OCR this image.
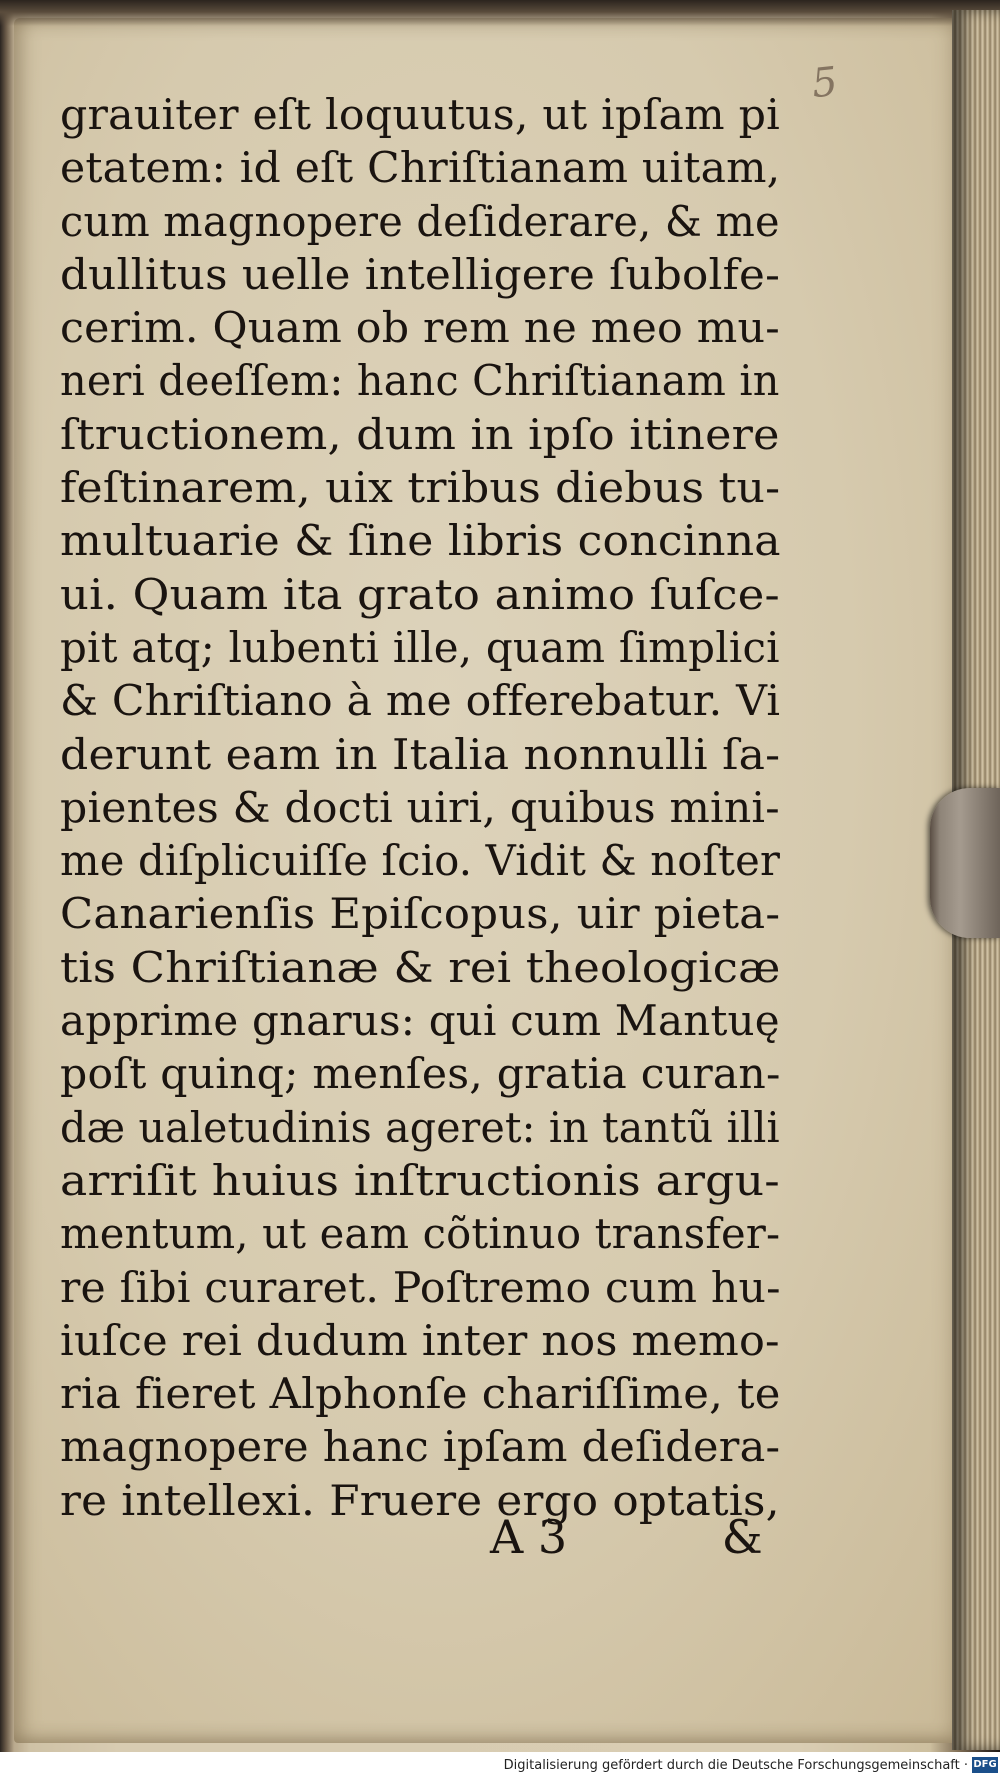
5
grauiter eſt loquutus, ut ipſam pi
etatem: id eſt Chriſtianam uitam,
cum magnopere deſiderare, & me
dullitus uelle intelligere ſubolfe-
cerim. Quam ob rem ne meo mu-
neri deeſſem: hanc Chriſtianam in
ſtructionem, dum in ipſo itinere
feſtinarem, uix tribus diebus tu-
multuarie & ſine libris concinna
ui. Quam ita grato animo ſuſce-
pit atq; lubenti ille, quam ſimplici
& Chriſtiano à me offerebatur. Vi
derunt eam in Italia nonnulli ſa-
pientes & docti uiri, quibus mini-
me diſplicuiſſe ſcio. Vidit & noſter
Canarienſis Epiſcopus, uir pieta-
tis Chriſtianæ & rei theologicæ
apprime gnarus: qui cum Mantuę
poſt quinq; menſes, gratia curan-
dæ ualetudinis ageret: in tantũ illi
arriſit huius inſtructionis argu-
mentum, ut eam cõtinuo transfer-
re ſibi curaret. Poſtremo cum hu-
iuſce rei dudum inter nos memo-
ria fieret Alphonſe chariſſime, te
magnopere hanc ipſam deſidera-
re intellexi. Fruere ergo optatis,
A 3	&
Digitalisierung gefördert durch die Deutsche Forschungsgemeinschaft · DFG
